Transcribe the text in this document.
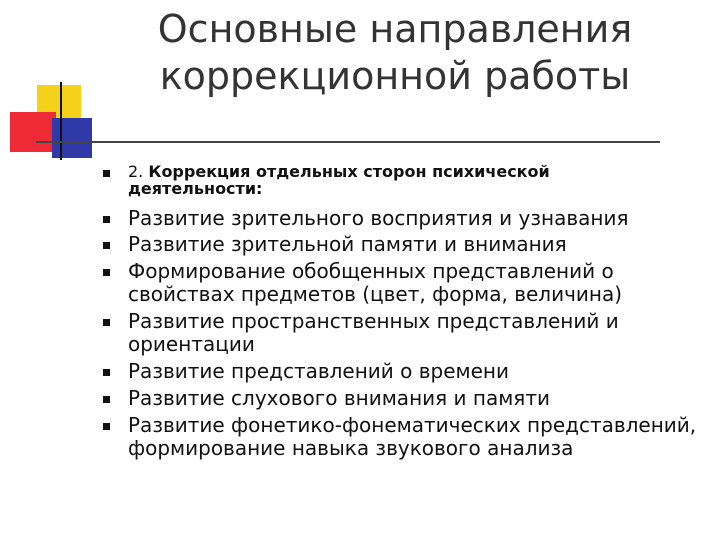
Основные направления
коррекционной работы
2. Коррекция отдельных сторон психической
деятельности:
Развитие зрительного восприятия и узнавания
Развитие зрительной памяти и внимания
Формирование обобщенных представлений о
свойствах предметов (цвет, форма, величина)
Развитие пространственных представлений и
ориентации
Развитие представлений о времени
Развитие слухового внимания и памяти
Развитие фонетико-фонематических представлений,
формирование навыка звукового анализа
